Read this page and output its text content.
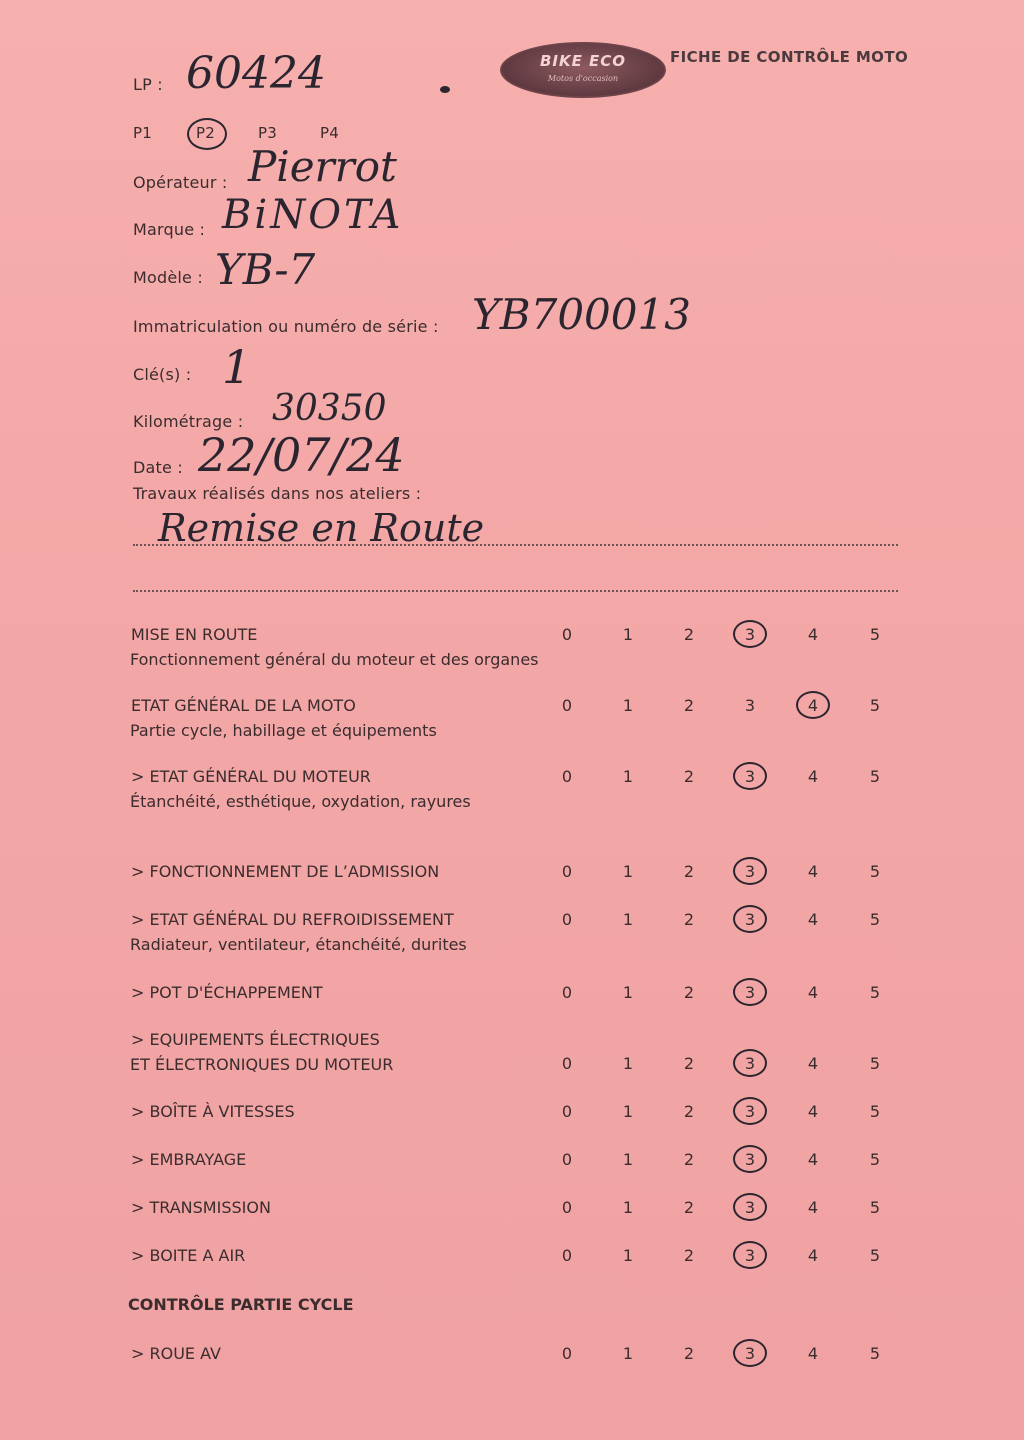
BIKE ECO
Motos d'occasion
FICHE DE CONTRÔLE MOTO
LP : 60424
P1	P2	P3	P4
Opérateur : Pierrot
Marque : BiNOTA
Modèle : YB-7
Immatriculation ou numéro de série : YB700013
Clé(s) : 1
Kilométrage : 30350
Date : 22/07/24
Travaux réalisés dans nos ateliers :
Remise en Route
MISE EN ROUTE
Fonctionnement général du moteur et des organes
0	1	2	3	4	5
ETAT GÉNÉRAL DE LA MOTO
Partie cycle, habillage et équipements
0	1	2	3	4	5
> ETAT GÉNÉRAL DU MOTEUR
Étanchéité, esthétique, oxydation, rayures
0	1	2	3	4	5
> FONCTIONNEMENT DE L’ADMISSION	0	1	2	3	4	5
> ETAT GÉNÉRAL DU REFROIDISSEMENT
Radiateur, ventilateur, étanchéité, durites
0	1	2	3	4	5
> POT D'ÉCHAPPEMENT	0	1	2	3	4	5
> EQUIPEMENTS ÉLECTRIQUES
ET ÉLECTRONIQUES DU MOTEUR	0	1	2	3	4	5
> BOÎTE À VITESSES	0	1	2	3	4	5
> EMBRAYAGE	0	1	2	3	4	5
> TRANSMISSION	0	1	2	3	4	5
> BOITE A AIR	0	1	2	3	4	5
CONTRÔLE PARTIE CYCLE
> ROUE AV	0	1	2	3	4	5
